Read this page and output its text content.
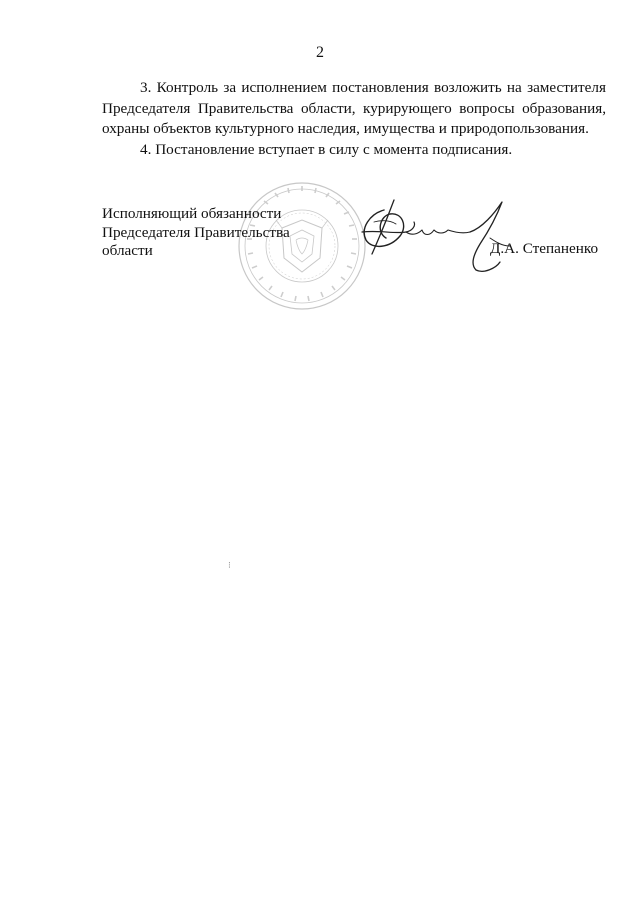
2

3. Контроль за исполнением постановления возложить на заместителя Председателя Правительства области, курирующего вопросы образования, охраны объектов культурного наследия, имущества и природопользования.

4. Постановление вступает в силу с момента подписания.

Исполняющий обязанности
Председателя Правительства
области	Д.А. Степаненко
⁝
